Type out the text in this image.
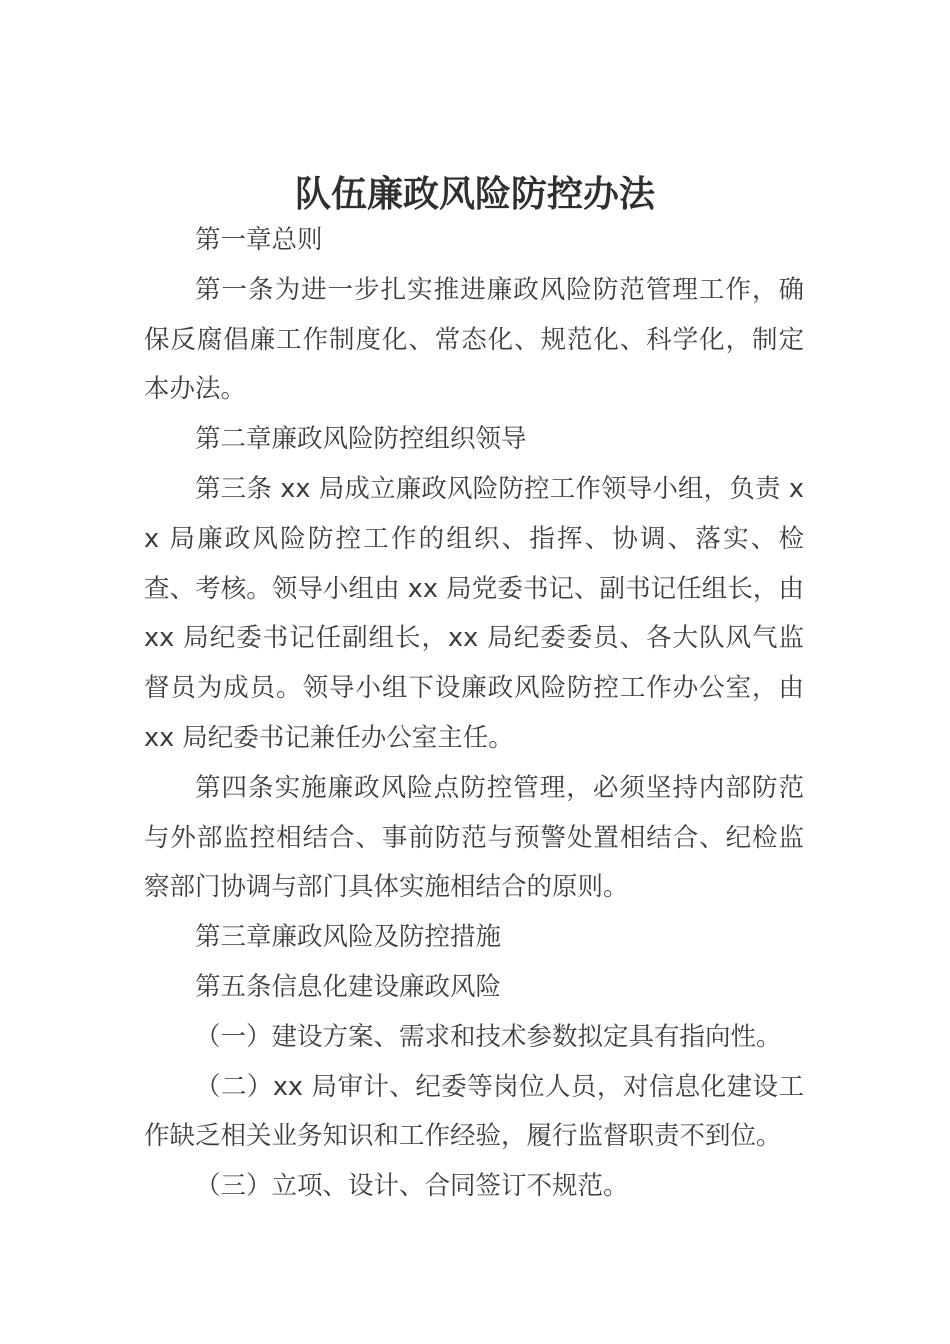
队伍廉政风险防控办法

第一章总则

第一条为进一步扎实推进廉政风险防范管理工作，确保反腐倡廉工作制度化、常态化、规范化、科学化，制定本办法。

第二章廉政风险防控组织领导

第三条 xx 局成立廉政风险防控工作领导小组，负责 xx 局廉政风险防控工作的组织、指挥、协调、落实、检查、考核。领导小组由 xx 局党委书记、副书记任组长，由 xx 局纪委书记任副组长，xx 局纪委委员、各大队风气监督员为成员。领导小组下设廉政风险防控工作办公室，由 xx 局纪委书记兼任办公室主任。

第四条实施廉政风险点防控管理，必须坚持内部防范与外部监控相结合、事前防范与预警处置相结合、纪检监察部门协调与部门具体实施相结合的原则。

第三章廉政风险及防控措施

第五条信息化建设廉政风险

（一）建设方案、需求和技术参数拟定具有指向性。

（二）xx 局审计、纪委等岗位人员，对信息化建设工作缺乏相关业务知识和工作经验，履行监督职责不到位。

（三）立项、设计、合同签订不规范。
